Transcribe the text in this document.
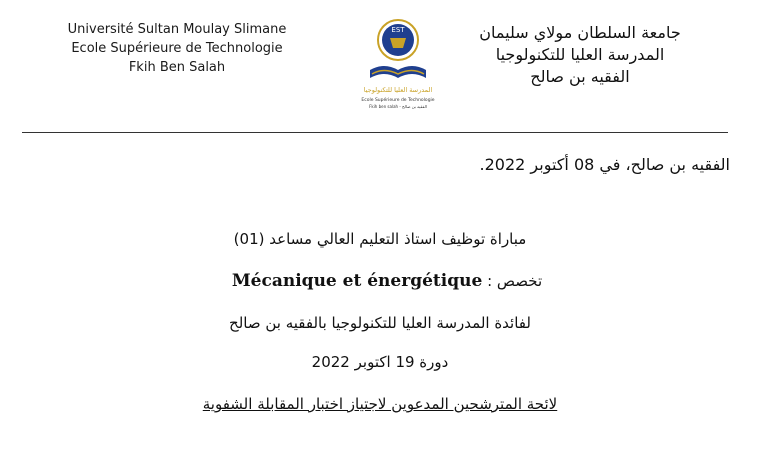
Université Sultan Moulay Slimane
Ecole Supérieure de Technologie
Fkih Ben Salah
EST
المدرسة العليا للتكنولوجيا
Ecole Supérieure de Technologie
Fkih ben salah - الفقيه بن صالح
جامعة السلطان مولاي سليمان
المدرسة العليا للتكنولوجيا
الفقيه بن صالح
الفقيه بن صالح، في 08 أكتوبر 2022.
مباراة توظيف استاذ التعليم العالي مساعد (01)
تخصص : Mécanique et énergétique
لفائدة المدرسة العليا للتكنولوجيا بالفقيه بن صالح
دورة 19 اكتوبر 2022
لائحة المترشحين المدعوين لاجتياز اختبار المقابلة الشفوية
